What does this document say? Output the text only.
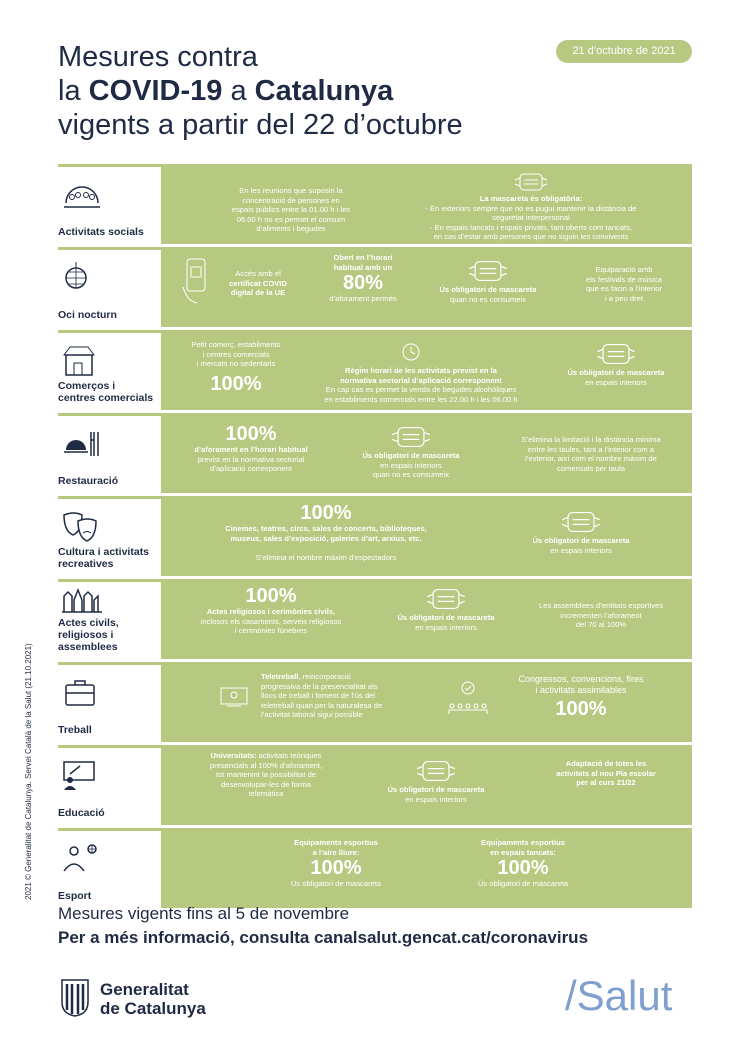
Mesures contra
la COVID-19 a Catalunya
vigents a partir del 22 d’octubre
21 d’octubre de 2021
Activitats socials
En les reunions que suposin la
concentració de persones en
espais públics entre la 01.00 h i les
06.00 h no es permet el consum
d’aliments i begudes
La mascareta és obligatòria:
- En exteriors sempre que no es pugui mantenir la distància de
seguretat interpersonal
- En espais tancats i espais privats, tant oberts com tancats,
en cas d’estar amb persones que no siguin les convivents
Oci nocturn
Accés amb el
certificat COVID
digital de la UE
Obert en l’horari
habitual amb un
80%
d’aforament permès
Ús obligatori de mascareta
quan no es consumeix
Equiparació amb
els festivals de música
que es facin a l’interior
i a peu dret
Comerços i
centres comercials
Petit comerç, establiments
i centres comercials
i mercats no sedentaris
100%
Règim horari de les activitats previst en la
normativa sectorial d’aplicació corresponent
En cap cas es permet la venda de begudes alcohòliques
en establiments comercials entre les 22.00 h i les 06.00 h
Ús obligatori de mascareta
en espais interiors
Restauració
100%
d’aforament en l’horari habitual
previst en la normativa sectorial
d’aplicació corresponent
Ús obligatori de mascareta
en espais interiors
quan no es consumeix
S’elimina la limitació i la distància mínima
entre les taules, tant a l’interior com a
l’exterior, així com el nombre màxim de
comensals per taula
Cultura i activitats
recreatives
100%
Cinemes, teatres, circs, sales de concerts, biblioteques,
museus, sales d’exposició, galeries d’art, arxius, etc.

S’elimina el nombre màxim d’espectadors
Ús obligatori de mascareta
en espais interiors
Actes civils,
religiosos i
assemblees
100%
Actes religiosos i cerimònies civils,
inclosos els casaments, serveis religiosos
i cerimònies fúnebres
Ús obligatori de mascareta
en espais interiors
Les assemblees d’entitats esportives
incrementen l’aforament
del 70 al 100%
Treball
Teletreball, reincorporació
progressiva de la presencialitat als
llocs de treball i foment de l’ús del
teletreball quan per la naturalesa de
l’activitat laboral sigui possible
Congressos, convencions, fires
i activitats assimilables
100%
Educació
Universitats: activitats teòriques
presencials al 100% d’aforament,
tot mantenint la possibilitat de
desenvolupar-les de forma
telemàtica	Ús obligatori de mascareta
en espais interiors
Adaptació de totes les
activitats al nou Pla escolar
per al curs 21/22
Esport
Equipaments esportius
a l’aire lliure:
100%
Ús obligatori de mascareta
Equipaments esportius
en espais tancats:
100%
Ús obligatori de mascareta
Mesures vigents fins al 5 de novembre
Per a més informació, consulta canalsalut.gencat.cat/coronavirus
2021 © Generalitat de Catalunya. Servei Català de la Salut (21.10.2021)
Generalitat
de Catalunya	/Salut
